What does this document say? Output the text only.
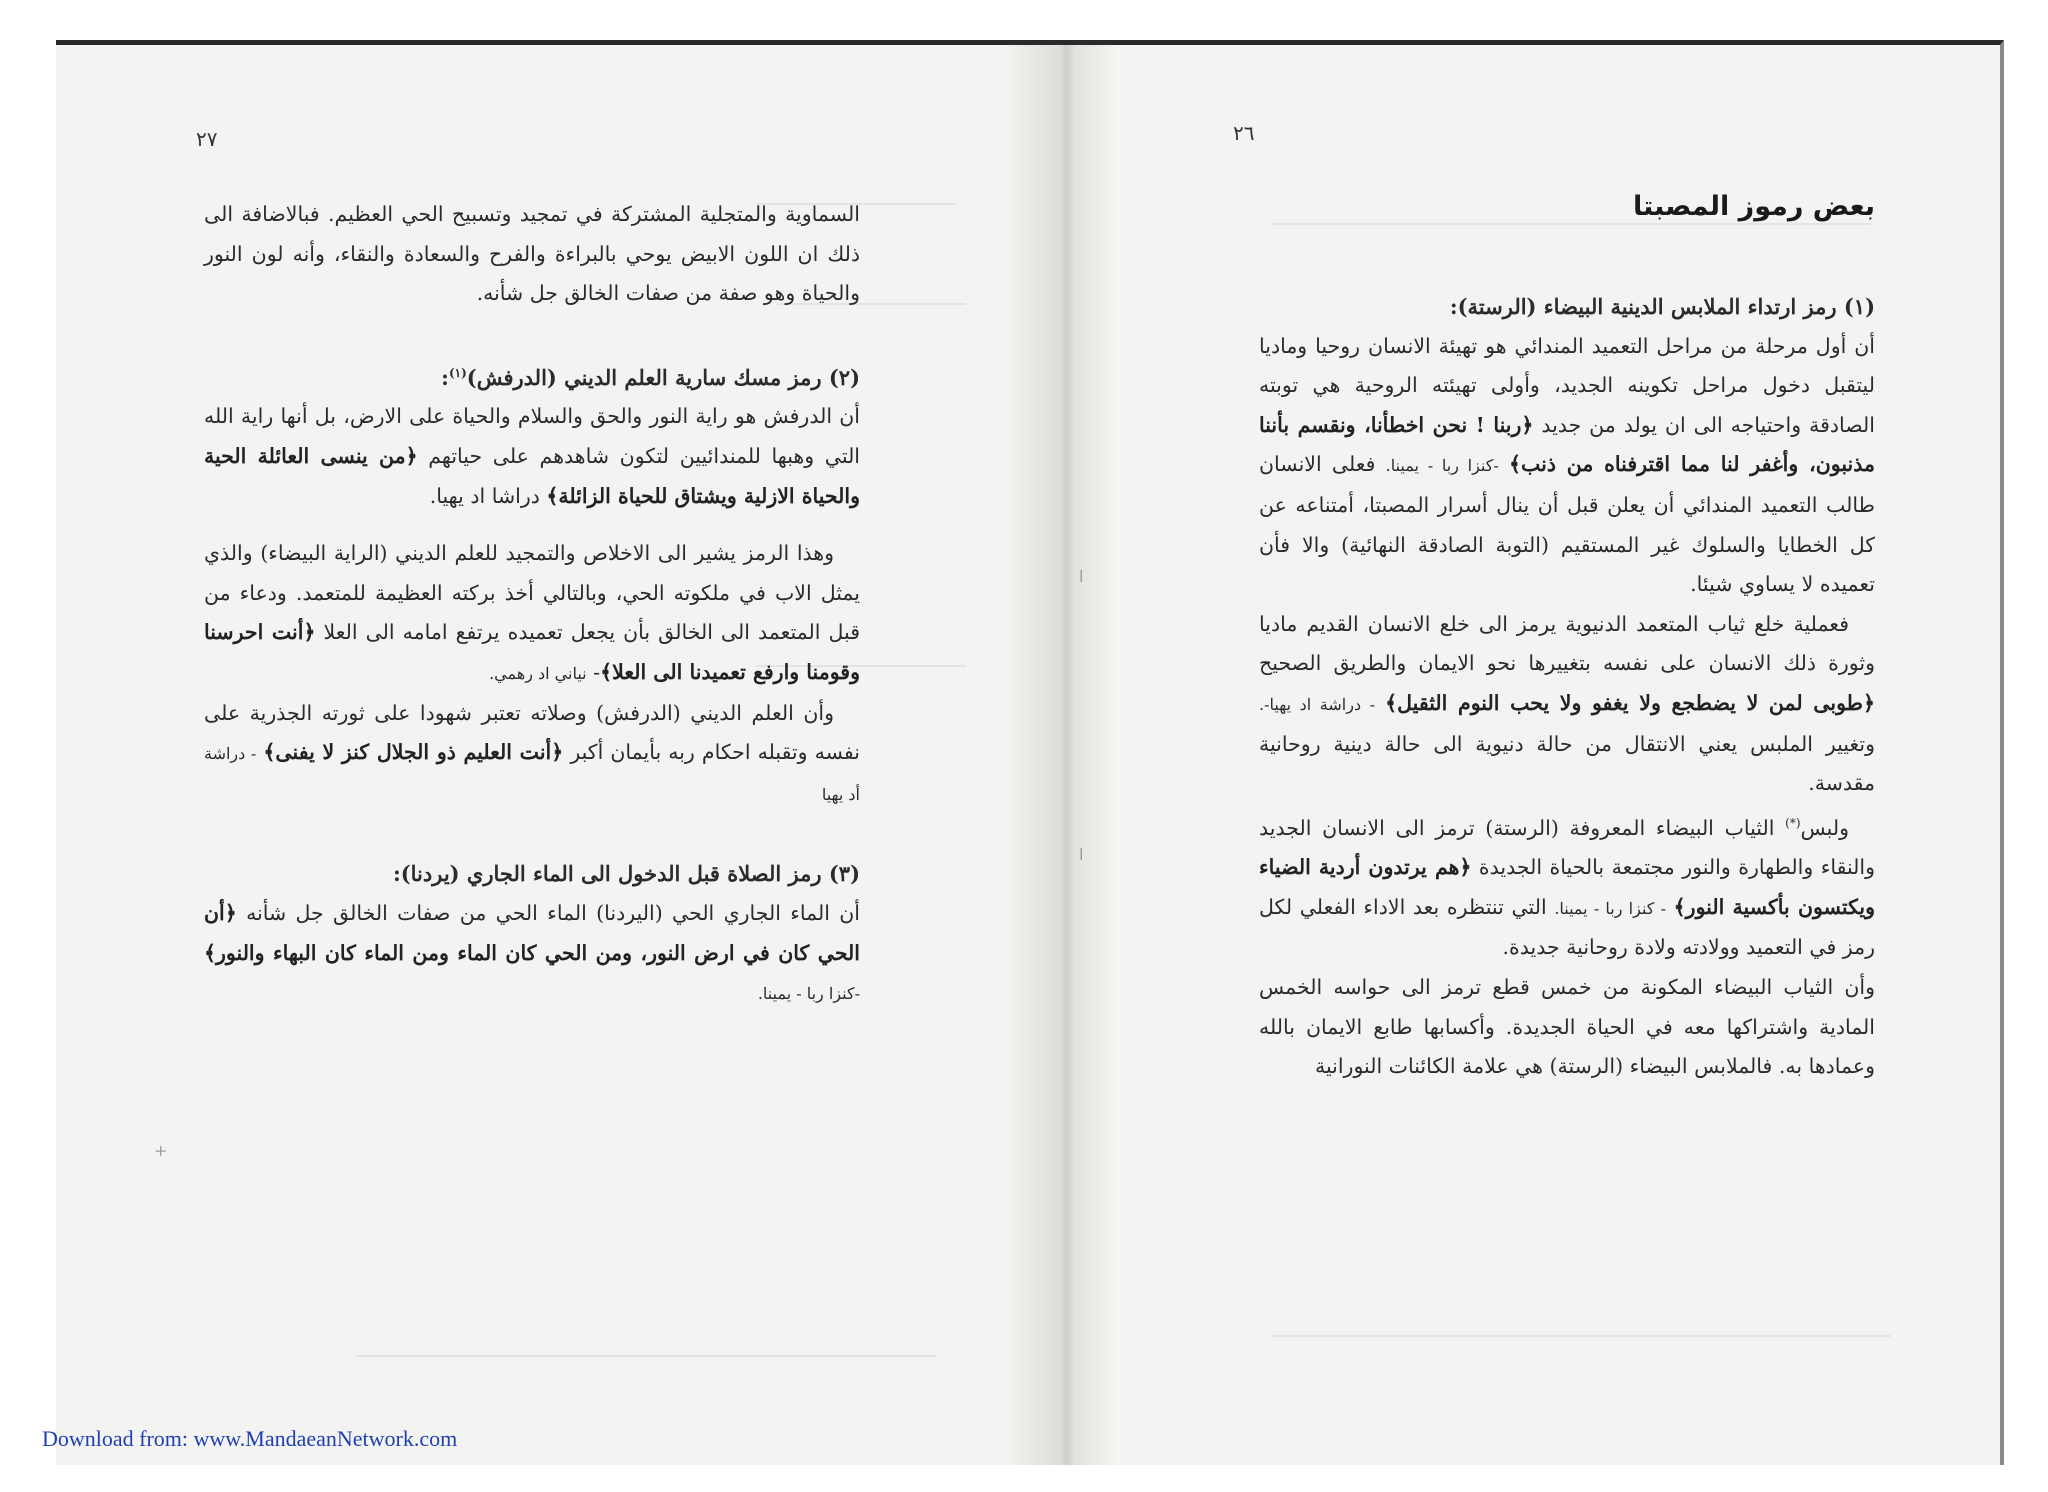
٢٧

السماوية والمتجلية المشتركة في تمجيد وتسبيح الحي العظيم. فبالاضافة الى ذلك ان اللون الابيض يوحي بالبراءة والفرح والسعادة والنقاء، وأنه لون النور والحياة وهو صفة من صفات الخالق جل شأنه.

(٢) رمز مسك سارية العلم الديني (الدرفش)$^{(١)}$:

أن الدرفش هو راية النور والحق والسلام والحياة على الارض، بل أنها راية الله التي وهبها للمندائيين لتكون شاهدهم على حياتهم ﴿من ينسى العائلة الحية والحياة الازلية ويشتاق للحياة الزائلة﴾ دراشا اد يهيا.

وهذا الرمز يشير الى الاخلاص والتمجيد للعلم الديني (الراية البيضاء) والذي يمثل الاب في ملكوته الحي، وبالتالي أخذ بركته العظيمة للمتعمد. ودعاء من قبل المتعمد الى الخالق بأن يجعل تعميده يرتفع امامه الى العلا ﴿أنت احرسنا وقومنا وارفع تعميدنا الى العلا﴾- نياني اد رهمي.

وأن العلم الديني (الدرفش) وصلاته تعتبر شهودا على ثورته الجذرية على نفسه وتقبله احكام ربه بأيمان أكبر ﴿أنت العليم ذو الجلال كنز لا يفنى﴾ - دراشة أد يهيا

(٣) رمز الصلاة قبل الدخول الى الماء الجاري (يردنا):

أن الماء الجاري الحي (اليردنا) الماء الحي من صفات الخالق جل شأنه ﴿أن الحي كان في ارض النور، ومن الحي كان الماء ومن الماء كان البهاء والنور﴾ -كنزا ربا - يمينا.

+
٢٦
بعض رموز المصبتا

(١) رمز ارتداء الملابس الدينية البيضاء (الرستة):

أن أول مرحلة من مراحل التعميد المندائي هو تهيئة الانسان روحيا وماديا ليتقبل دخول مراحل تكوينه الجديد، وأولى تهيئته الروحية هي توبته الصادقة واحتياجه الى ان يولد من جديد ﴿ربنا ! نحن اخطأنا، ونقسم بأننا مذنبون، وأغفر لنا مما اقترفناه من ذنب﴾ -كنزا ربا - يمينا. فعلى الانسان طالب التعميد المندائي أن يعلن قبل أن ينال أسرار المصبتا، أمتناعه عن كل الخطايا والسلوك غير المستقيم (التوبة الصادقة النهائية) والا فأن تعميده لا يساوي شيئا.

فعملية خلع ثياب المتعمد الدنيوية يرمز الى خلع الانسان القديم ماديا وثورة ذلك الانسان على نفسه بتغييرها نحو الايمان والطريق الصحيح ﴿طوبى لمن لا يضطجع ولا يغفو ولا يحب النوم الثقيل﴾ - دراشة اد يهيا-. وتغيير الملبس يعني الانتقال من حالة دنيوية الى حالة دينية روحانية مقدسة.

ولبس(*) الثياب البيضاء المعروفة (الرستة) ترمز الى الانسان الجديد والنقاء والطهارة والنور مجتمعة بالحياة الجديدة ﴿هم يرتدون أردية الضياء ويكتسون بأكسية النور﴾ - كنزا ربا - يمينا. التي تنتظره بعد الاداء الفعلي لكل رمز في التعميد وولادته ولادة روحانية جديدة.

وأن الثياب البيضاء المكونة من خمس قطع ترمز الى حواسه الخمس المادية واشتراكها معه في الحياة الجديدة. وأكسابها طابع الايمان بالله وعمادها به. فالملابس البيضاء (الرستة) هي علامة الكائنات النورانية

ا
ا
Download from: www.MandaeanNetwork.com
